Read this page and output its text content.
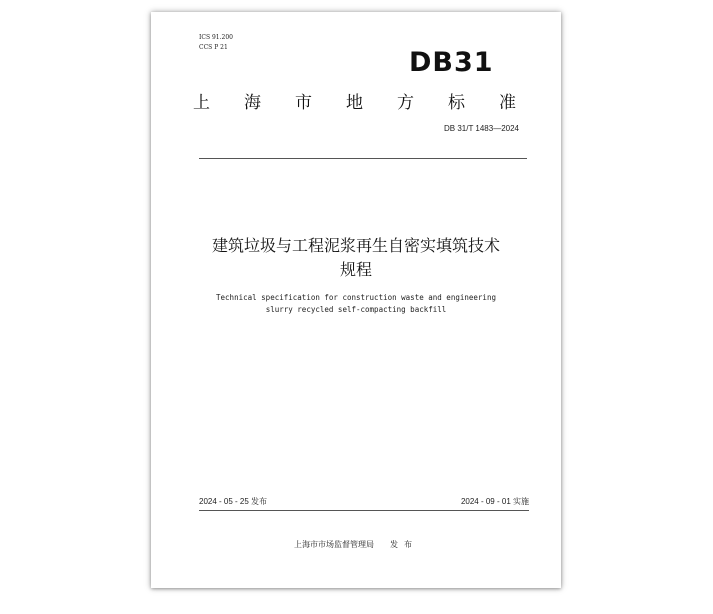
ICS 91.200
CCS P 21	DB31
上海市地方标准
DB 31/T 1483—2024
建筑垃圾与工程泥浆再生自密实填筑技术
规程
Technical specification for construction waste and engineering
slurry recycled self-compacting backfill
2024 - 05 - 25 发布	2024 - 09 - 01 实施
上海市市场监督管理局 发布
